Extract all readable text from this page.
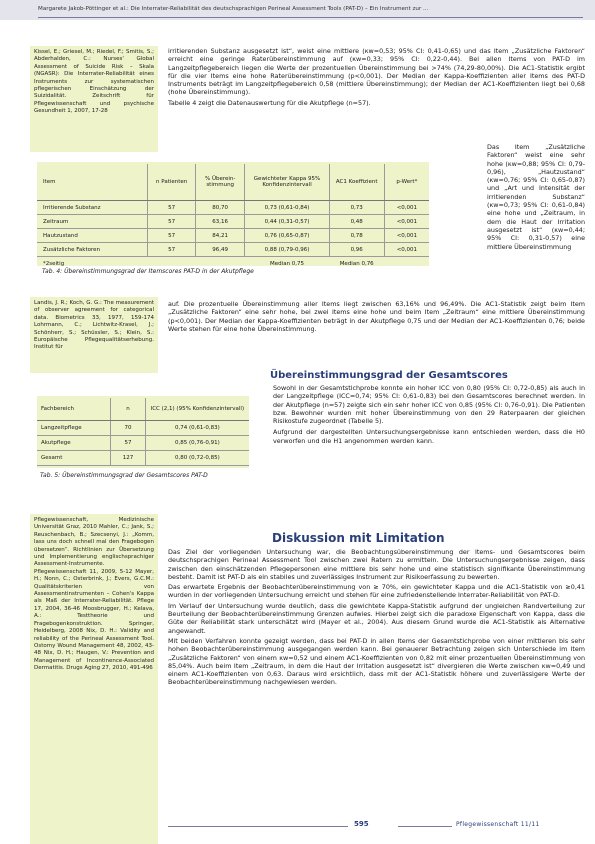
Margarete Jakob-Pöttinger et al.: Die Interrater-Reliabilität des deutschsprachigen Perineal Assessment Tools (PAT-D) – Ein Instrument zur ...

Kissel, E.; Griesel, M.; Riedel, F.; Smitis, S.; Abderhalden, C.: Nurses' Global Assessment of Suicide Risk – Skala (NGASR): Die Interrater-Reliabilität eines Instruments zur systematischen pflegerischen Einschätzung der Suizidalität. Zeitschrift für Pflegewissenschaft und psychische Gesundheit 1, 2007, 17-28

irritierenden Substanz ausgesetzt ist“, weist eine mittlere (κw=0,53; 95% CI: 0,41-0,65) und das Item „Zusätzliche Faktoren“ erreicht eine geringe Raterübereinstimmung auf (κw=0,33; 95% CI: 0,22-0,44). Bei allen Items von PAT-D im Langzeitpflegebereich liegen die Werte der prozentuellen Übereinstimmung bei >74% (74,29-80,00%). Die AC1-Statistik ergibt für die vier Items eine hohe Raterübereinstimmung (p<0,001). Der Median der Kappa-Koeffizienten aller Items des PAT-D Instruments beträgt im Langzeitpflegebereich 0,58 (mittlere Übereinstimmung); der Median der AC1-Koeffizienten liegt bei 0,68 (hohe Übereinstimmung).

Tabelle 4 zeigt die Datenauswertung für die Akutpflege (n=57).

Item	n Patienten	% Überein-stimmung	Gewichteter Kappa 95% Konfidenzintervall	AC1 Koeffizient	p-Wert*
Irritierende Substanz	57	80,70	0,73 (0,61-0,84)	0,73	<0,001
Zeitraum	57	63,16	0,44 (0,31-0,57)	0,48	<0,001
Hautzustand	57	84,21	0,76 (0,65-0,87)	0,78	<0,001
Zusätzliche Faktoren	57	96,49	0,88 (0,79-0,96)	0,96	<0,001
*2seitig			Median 0,75	Median 0,76	
Tab. 4: Übereinstimmungsgrad der Itemscores PAT-D in der Akutpflege

Das Item „Zusätzliche Faktoren“ weist eine sehr hohe (κw=0,88; 95% CI: 0,79-0,96), „Hautzustand“ (κw=0,76; 95% CI: 0,65-0,87) und „Art und Intensität der irritierenden Substanz“ (κw=0,73; 95% CI: 0,61-0,84) eine hohe und „Zeitraum, in dem die Haut der Irritation ausgesetzt ist“ (κw=0,44; 95% CI: 0,31-0,57) eine mittlere Übereinstimmung

Landis, J. R.; Koch, G. G.: The measurement of observer agreement for categorical data. Biometrics 33, 1977, 159-174 Lohrmann, C.; Lichtwitz-Krasel, J.; Schönherr, S.; Schüssler, S.; Klein, S.: Europäische Pflegequalitätserhebung. Institut für

auf. Die prozentuelle Übereinstimmung aller Items liegt zwischen 63,16% und 96,49%. Die AC1-Statistik zeigt beim Item „Zusätzliche Faktoren“ eine sehr hohe, bei zwei Items eine hohe und beim Item „Zeitraum“ eine mittlere Übereinstimmung (p<0,001). Der Median der Kappa-Koeffizienten beträgt in der Akutpflege 0,75 und der Median der AC1-Koeffizienten 0,76; beide Werte stehen für eine hohe Übereinstimmung.

Übereinstimmungsgrad der Gesamtscores

Sowohl in der Gesamtstichprobe konnte ein hoher ICC von 0,80 (95% CI: 0,72-0,85) als auch in der Langzeitpflege (ICC=0,74; 95% CI: 0,61-0,83) bei den Gesamtscores berechnet werden. In der Akutpflege (n=57) zeigte sich ein sehr hoher ICC von 0,85 (95% CI: 0,76-0,91). Die Patienten bzw. Bewohner wurden mit hoher Übereinstimmung von den 29 Raterpaaren der gleichen Risikostufe zugeordnet (Tabelle 5).

Aufgrund der dargestellten Untersuchungsergebnisse kann entschieden werden, dass die H0 verworfen und die H1 angenommen werden kann.

Fachbereich	n	ICC (2,1) (95% Konfidenzintervall)
Langzeitpflege	70	0,74 (0,61-0,83)
Akutpflege	57	0,85 (0,76-0,91)
Gesamt	127	0,80 (0,72-0,85)
Tab. 5: Übereinstimmungsgrad der Gesamtscores PAT-D

Pflegewissenschaft, Medizinische Universität Graz, 2010 Mahler, C.; Jank, S.; Reuschenbach, B.; Szecsenyi, J.: „Komm, lass uns doch schnell mal den Fragebogen übersetzen“. Richtlinien zur Übersetzung und Implementierung englischsprachiger Assessment-Instrumente. Pflegewissenschaft 11, 2009, 5-12 Mayer, H.; Nonn, C.; Osterbrink, J.; Evers, G.C.M.: Qualitätskriterien von Assessmentinstrumenten – Cohen's Kappa als Maß der Interrater-Reliabilität. Pflege 17, 2004, 36-46 Moosbrugger, H.; Kelava, A.: Testtheorie und Fragebogenkonstruktion. Springer, Heidelberg, 2008 Nix, D. H.: Validity and reliability of the Perineal Assessment Tool. Ostomy Wound Management 48, 2002, 43-48 Nix, D. H.; Haugen, V.: Prevention and Management of Incontinence-Associated Dermatitis. Drugs Aging 27, 2010, 491-496

Diskussion mit Limitation

Das Ziel der vorliegenden Untersuchung war, die Beobachtungsübereinstimmung der Items- und Gesamtscores beim deutschsprachigen Perineal Assessment Tool zwischen zwei Ratern zu ermitteln. Die Untersuchungsergebnisse zeigen, dass zwischen den einschätzenden Pflegepersonen eine mittlere bis sehr hohe und eine statistisch signifikante Übereinstimmung besteht. Damit ist PAT-D als ein stabiles und zuverlässiges Instrument zur Risikoerfassung zu bewerten.

Das erwartete Ergebnis der Beobachterübereinstimmung von ≥ 70%, ein gewichteter Kappa und die AC1-Statistik von ≥0,41 wurden in der vorliegenden Untersuchung erreicht und stehen für eine zufriedenstellende Interrater-Reliabilität von PAT-D.

Im Verlauf der Untersuchung wurde deutlich, dass die gewichtete Kappa-Statistik aufgrund der ungleichen Randverteilung zur Beurteilung der Beobachterübereinstimmung Grenzen aufwies. Hierbei zeigt sich die paradoxe Eigenschaft von Kappa, dass die Güte der Reliabilität stark unterschätzt wird (Mayer et al., 2004). Aus diesem Grund wurde die AC1-Statistik als Alternative angewandt.

Mit beiden Verfahren konnte gezeigt werden, dass bei PAT-D in allen Items der Gesamtstichprobe von einer mittleren bis sehr hohen Beobachterübereinstimmung ausgegangen werden kann. Bei genauerer Betrachtung zeigen sich Unterschiede im Item „Zusätzliche Faktoren“ von einem κw=0,52 und einem AC1-Koeffizienten von 0,82 mit einer prozentuellen Übereinstimmung von 85,04%. Auch beim Item „Zeitraum, in dem die Haut der Irritation ausgesetzt ist“ divergieren die Werte zwischen κw=0,49 und einem AC1-Koeffizienten von 0,63. Daraus wird ersichtlich, dass mit der AC1-Statistik höhere und zuverlässigere Werte der Beobachterübereinstimmung nachgewiesen werden.

595	Pflegewissenschaft 11/11
